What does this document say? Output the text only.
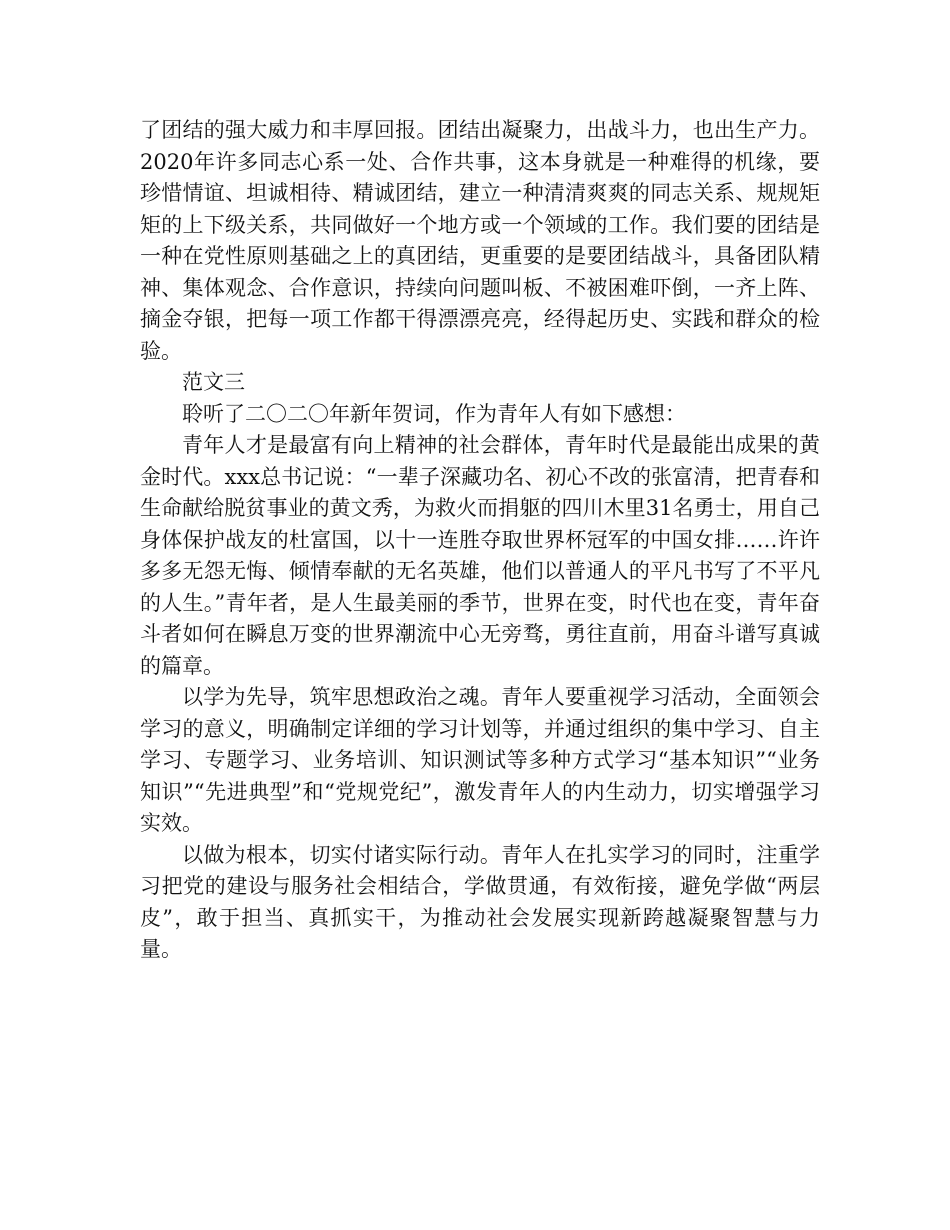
了团结的强大威力和丰厚回报。团结出凝聚力，出战斗力，也出生产力。2020年许多同志心系一处、合作共事，这本身就是一种难得的机缘，要珍惜情谊、坦诚相待、精诚团结，建立一种清清爽爽的同志关系、规规矩矩的上下级关系，共同做好一个地方或一个领域的工作。我们要的团结是一种在党性原则基础之上的真团结，更重要的是要团结战斗，具备团队精神、集体观念、合作意识，持续向问题叫板、不被困难吓倒，一齐上阵、摘金夺银，把每一项工作都干得漂漂亮亮，经得起历史、实践和群众的检验。

范文三

聆听了二〇二〇年新年贺词，作为青年人有如下感想：

青年人才是最富有向上精神的社会群体，青年时代是最能出成果的黄金时代。xxx总书记说：“一辈子深藏功名、初心不改的张富清，把青春和生命献给脱贫事业的黄文秀，为救火而捐躯的四川木里31名勇士，用自己身体保护战友的杜富国，以十一连胜夺取世界杯冠军的中国女排……许许多多无怨无悔、倾情奉献的无名英雄，他们以普通人的平凡书写了不平凡的人生。”青年者，是人生最美丽的季节，世界在变，时代也在变，青年奋斗者如何在瞬息万变的世界潮流中心无旁骛，勇往直前，用奋斗谱写真诚的篇章。

以学为先导，筑牢思想政治之魂。青年人要重视学习活动，全面领会学习的意义，明确制定详细的学习计划等，并通过组织的集中学习、自主学习、专题学习、业务培训、知识测试等多种方式学习“基本知识”“业务知识”“先进典型”和“党规党纪”，激发青年人的内生动力，切实增强学习实效。

以做为根本，切实付诸实际行动。青年人在扎实学习的同时，注重学习把党的建设与服务社会相结合，学做贯通，有效衔接，避免学做“两层皮”，敢于担当、真抓实干，为推动社会发展实现新跨越凝聚智慧与力量。
